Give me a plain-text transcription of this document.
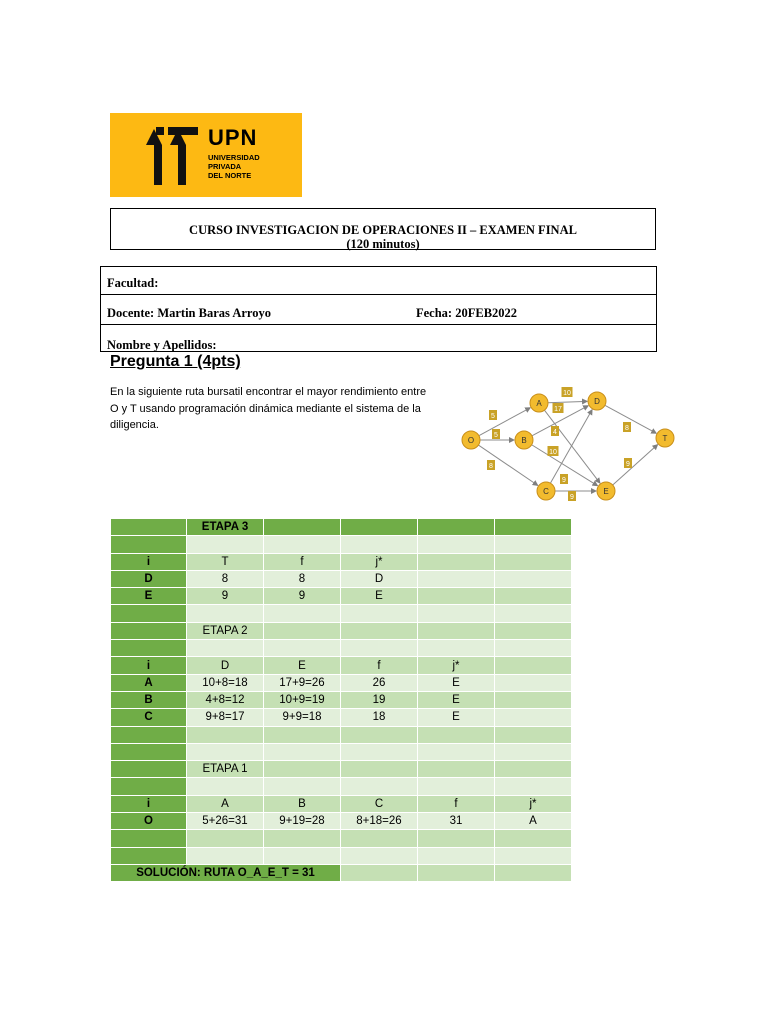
UPN
UNIVERSIDAD
PRIVADA
DEL NORTE
CURSO INVESTIGACION DE OPERACIONES II – EXAMEN FINAL
(120 minutos)
Facultad:
Docente: Martin Baras Arroyo	Fecha: 20FEB2022
Nombre y Apellidos:
Pregunta 1 (4pts)
En la siguiente ruta bursatil encontrar el mayor rendimiento entre O y T usando programación dinámica mediante el sistema de la diligencia.
5
5
8
10
17
4
10
9
9
8
9
O
A
B
C
D
E
T
	ETAPA 3				

i	T	f	j*		
D	8	8	D		
E	9	9	E		

	ETAPA 2				

i	D	E	f	j*	
A	10+8=18	17+9=26	26	E	
B	4+8=12	10+9=19	19	E	
C	9+8=17	9+9=18	18	E	

	ETAPA 1				

i	A	B	C	f	j*
O	5+26=31	9+19=28	8+18=26	31	A

SOLUCIÓN: RUTA O_A_E_T = 31					
